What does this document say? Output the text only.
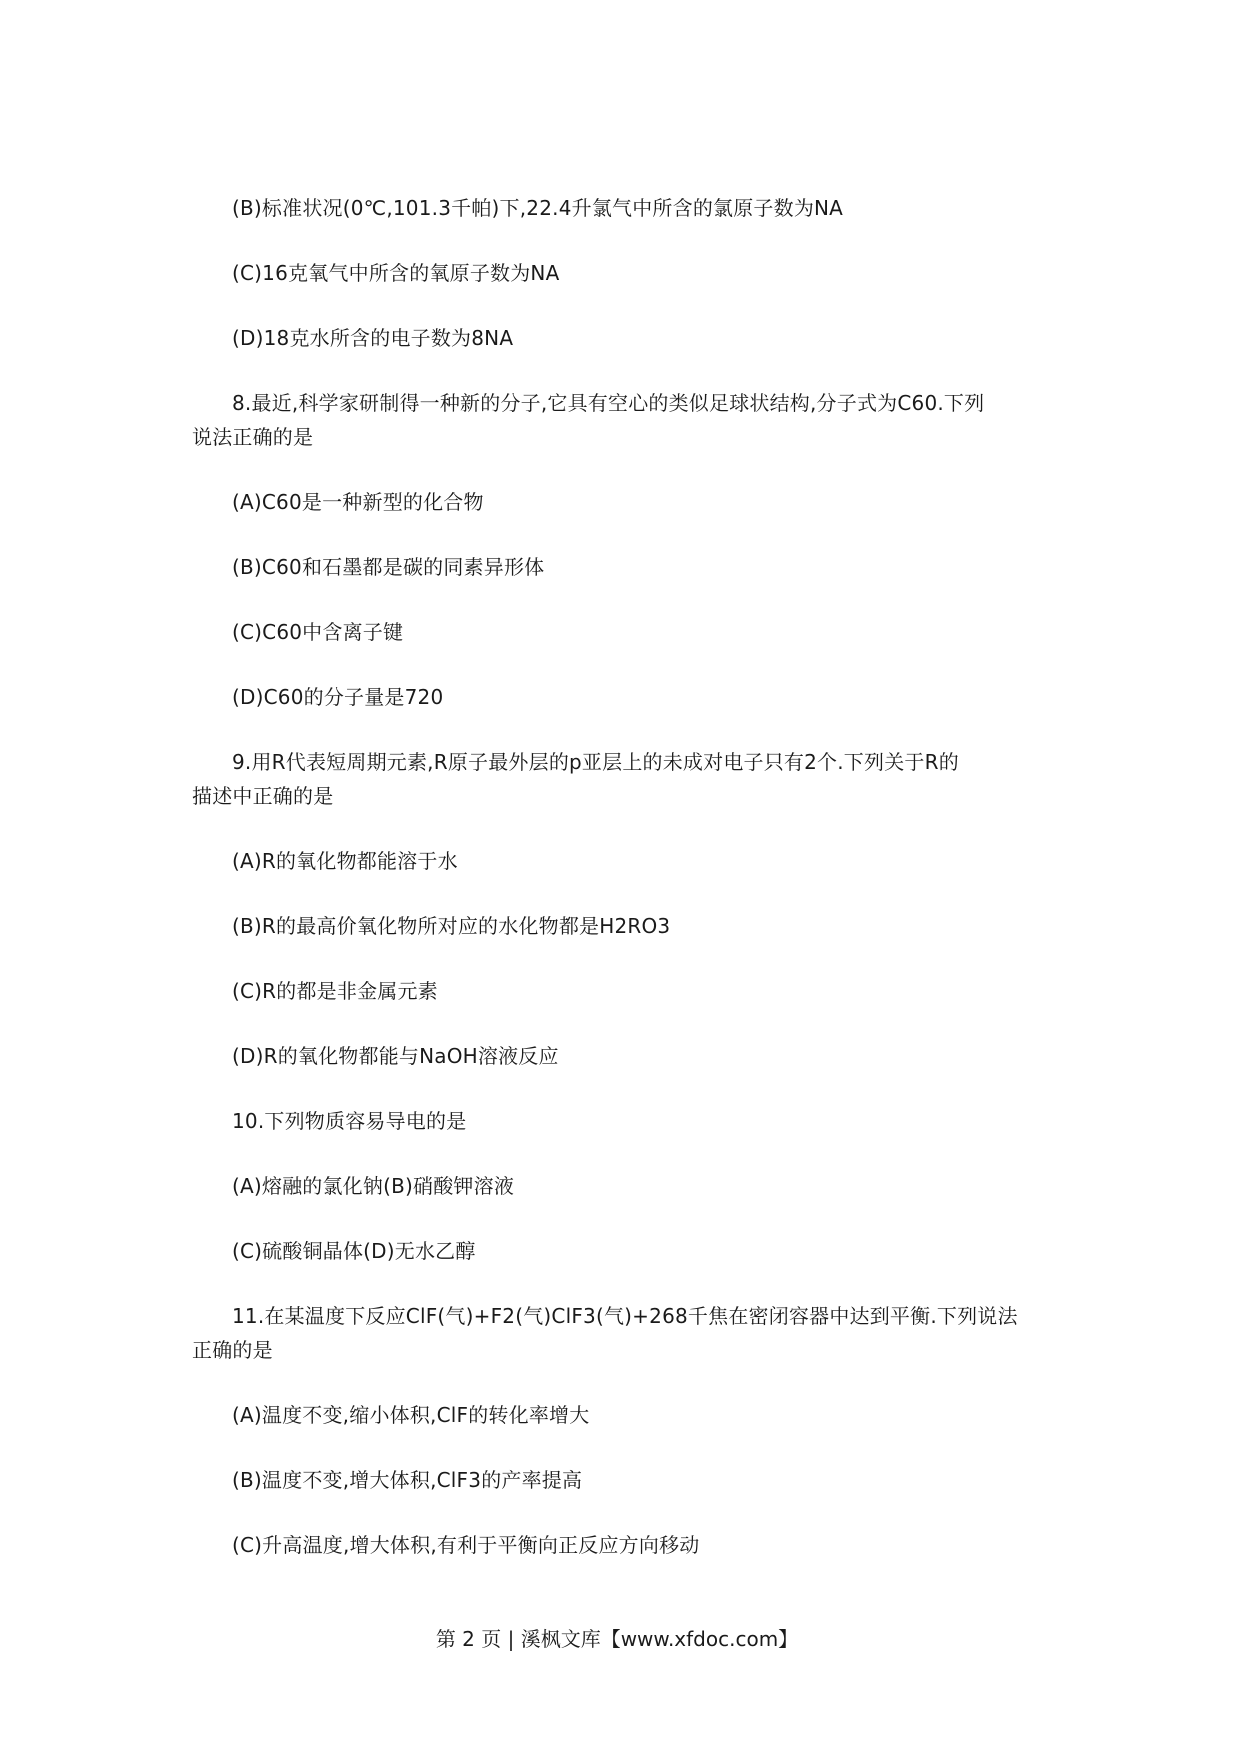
(B)标准状况(0℃,101.3千帕)下,22.4升氯气中所含的氯原子数为NA
(C)16克氧气中所含的氧原子数为NA
(D)18克水所含的电子数为8NA
8.最近,科学家研制得一种新的分子,它具有空心的类似足球状结构,分子式为C60.下列
说法正确的是
(A)C60是一种新型的化合物
(B)C60和石墨都是碳的同素异形体
(C)C60中含离子键
(D)C60的分子量是720
9.用R代表短周期元素,R原子最外层的p亚层上的未成对电子只有2个.下列关于R的
描述中正确的是
(A)R的氧化物都能溶于水
(B)R的最高价氧化物所对应的水化物都是H2RO3
(C)R的都是非金属元素
(D)R的氧化物都能与NaOH溶液反应
10.下列物质容易导电的是
(A)熔融的氯化钠(B)硝酸钾溶液
(C)硫酸铜晶体(D)无水乙醇
11.在某温度下反应ClF(气)+F2(气)ClF3(气)+268千焦在密闭容器中达到平衡.下列说法
正确的是
(A)温度不变,缩小体积,ClF的转化率增大
(B)温度不变,增大体积,ClF3的产率提高
(C)升高温度,增大体积,有利于平衡向正反应方向移动
第 2 页 | 溪枫文库【www.xfdoc.com】
